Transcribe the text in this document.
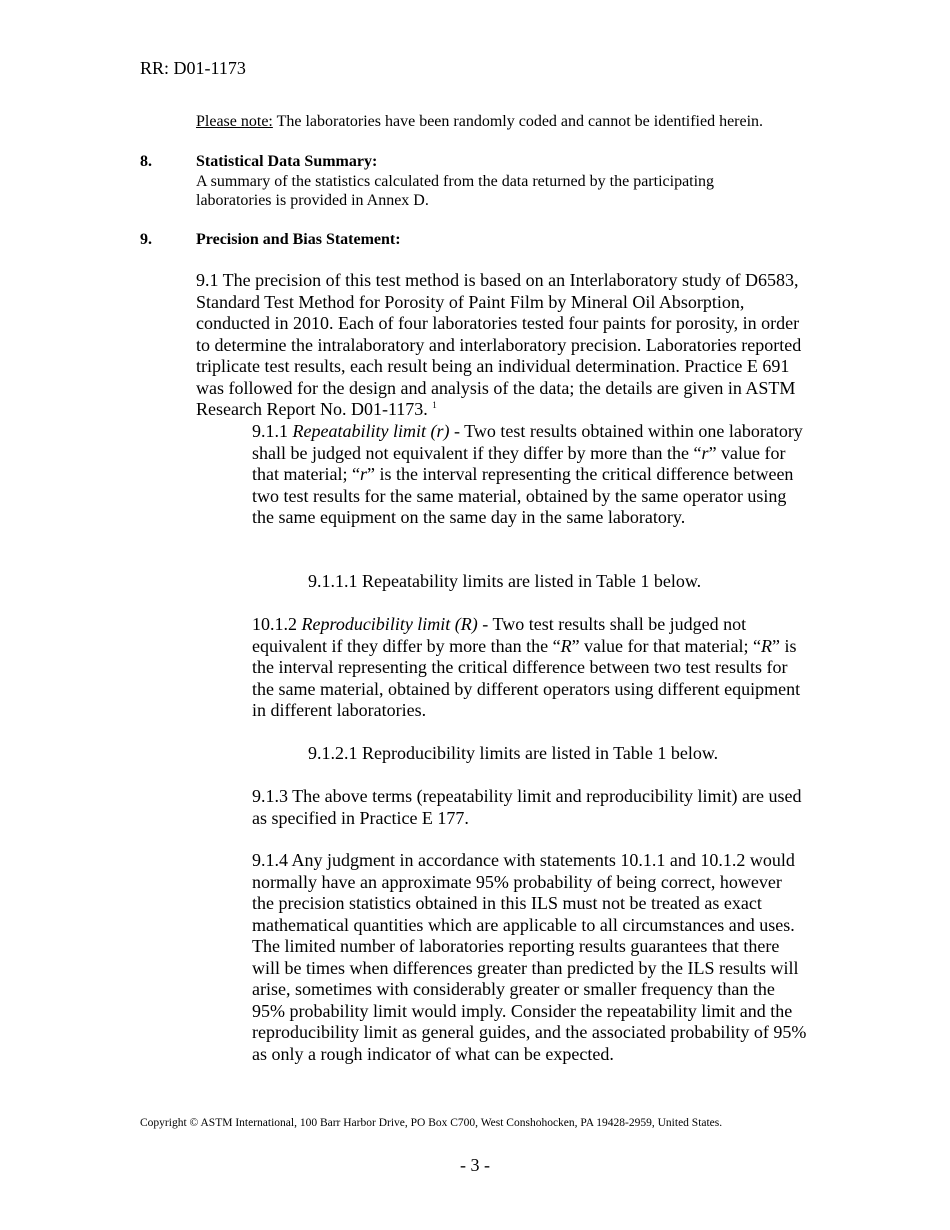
RR: D01-1173
Please note: The laboratories have been randomly coded and cannot be identified herein.
8.	Statistical Data Summary:
A summary of the statistics calculated from the data returned by the participating laboratories is provided in Annex D.
9.	Precision and Bias Statement:
9.1 The precision of this test method is based on an Interlaboratory study of D6583, Standard Test Method for Porosity of Paint Film by Mineral Oil Absorption, conducted in 2010. Each of four laboratories tested four paints for porosity, in order to determine the intralaboratory and interlaboratory precision. Laboratories reported triplicate test results, each result being an individual determination. Practice E 691 was followed for the design and analysis of the data; the details are given in ASTM Research Report No. D01-1173. $^1$
9.1.1 Repeatability limit (r) - Two test results obtained within one laboratory shall be judged not equivalent if they differ by more than the “r” value for that material; “r” is the interval representing the critical difference between two test results for the same material, obtained by the same operator using the same equipment on the same day in the same laboratory.
9.1.1.1 Repeatability limits are listed in Table 1 below.
10.1.2 Reproducibility limit (R) - Two test results shall be judged not equivalent if they differ by more than the “R” value for that material; “R” is the interval representing the critical difference between two test results for the same material, obtained by different operators using different equipment in different laboratories.
9.1.2.1 Reproducibility limits are listed in Table 1 below.
9.1.3 The above terms (repeatability limit and reproducibility limit) are used as specified in Practice E 177.
9.1.4 Any judgment in accordance with statements 10.1.1 and 10.1.2 would normally have an approximate 95% probability of being correct, however the precision statistics obtained in this ILS must not be treated as exact mathematical quantities which are applicable to all circumstances and uses. The limited number of laboratories reporting results guarantees that there will be times when differences greater than predicted by the ILS results will arise, sometimes with considerably greater or smaller frequency than the 95% probability limit would imply. Consider the repeatability limit and the reproducibility limit as general guides, and the associated probability of 95% as only a rough indicator of what can be expected.
Copyright © ASTM International, 100 Barr Harbor Drive, PO Box C700, West Conshohocken, PA 19428-2959, United States.
- 3 -
